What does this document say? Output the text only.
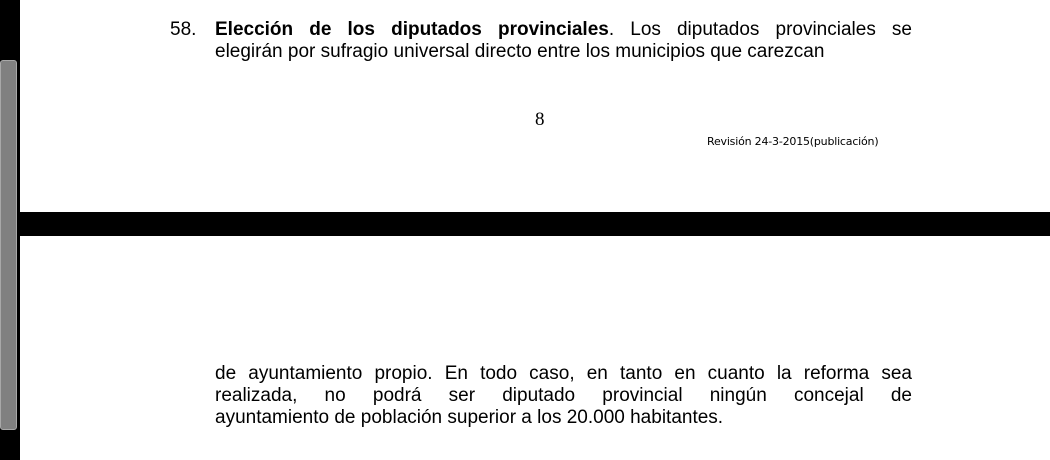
58. Elección de los diputados provinciales. Los diputados provinciales se
elegirán por sufragio universal directo entre los municipios que carezcan
8
Revisión 24-3-2015(publicación)
de ayuntamiento propio. En todo caso, en tanto en cuanto la reforma sea
realizada, no podrá ser diputado provincial ningún concejal de
ayuntamiento de población superior a los 20.000 habitantes.
